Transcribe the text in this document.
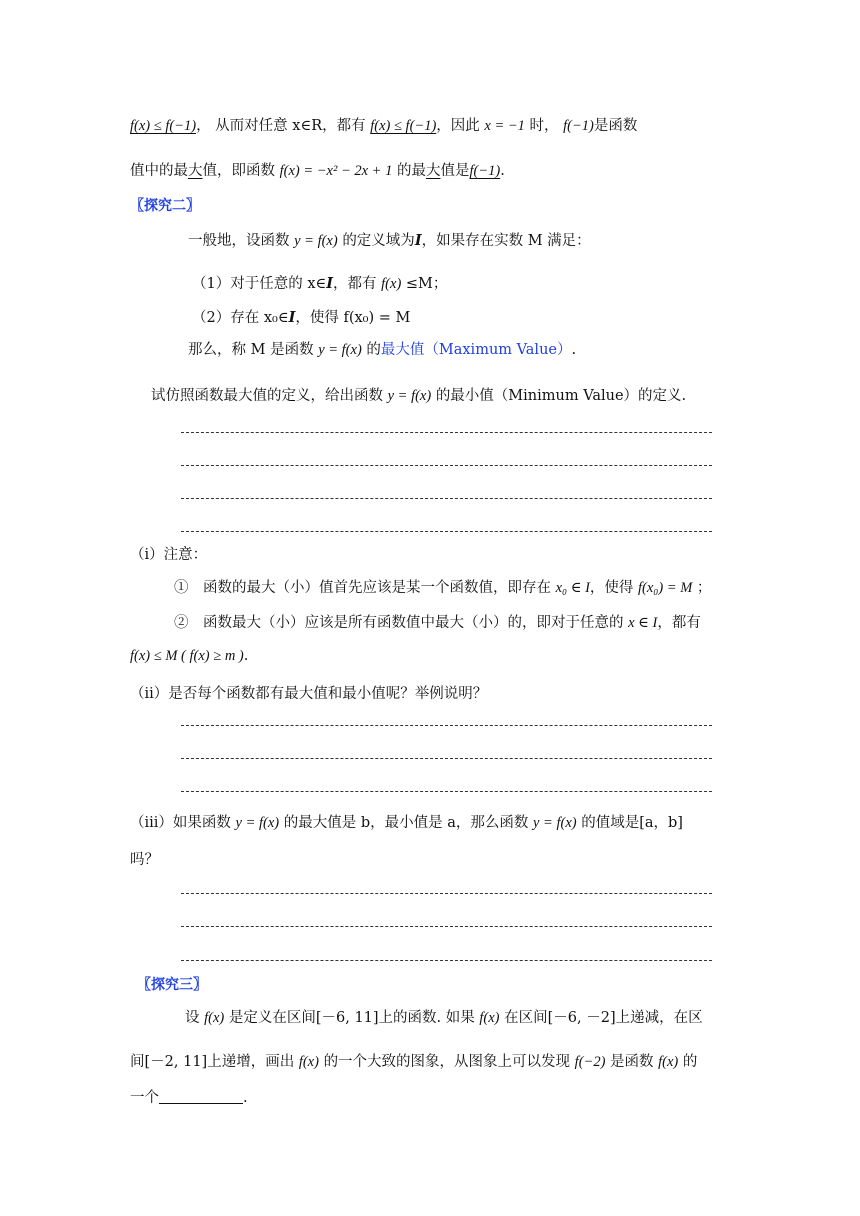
f(x) ≤ f(−1)， 从而对任意 x∈R，都有 f(x) ≤ f(−1)，因此 x = −1 时， f(−1)是函数
值中的最大值，即函数 f(x) = −x² − 2x + 1 的最大值是f(−1).
〖探究二〗
一般地，设函数 y = f(x) 的定义域为I，如果存在实数 M 满足：
（1）对于任意的 x∈I，都有 f(x) ≤M；
（2）存在 x₀∈I，使得 f(x₀) = M
那么，称 M 是函数 y = f(x) 的最大值（Maximum Value）.
试仿照函数最大值的定义，给出函数 y = f(x) 的最小值（Minimum Value）的定义.
（ⅰ）注意：
①　函数的最大（小）值首先应该是某一个函数值，即存在 x₀ ∈ I，使得 f(x₀) = M ；
②　函数最大（小）应该是所有函数值中最大（小）的，即对于任意的 x ∈ I，都有
f(x) ≤ M ( f(x) ≥ m ).
（ⅱ）是否每个函数都有最大值和最小值呢？举例说明？
（ⅲ）如果函数 y = f(x) 的最大值是 b，最小值是 a，那么函数 y = f(x) 的值域是[a，b]
吗？
〖探究三〗
设 f(x) 是定义在区间[－6, 11]上的函数. 如果 f(x) 在区间[－6, －2]上递减，在区
间[－2, 11]上递增，画出 f(x) 的一个大致的图象，从图象上可以发现 f(−2) 是函数 f(x) 的
一个	.
